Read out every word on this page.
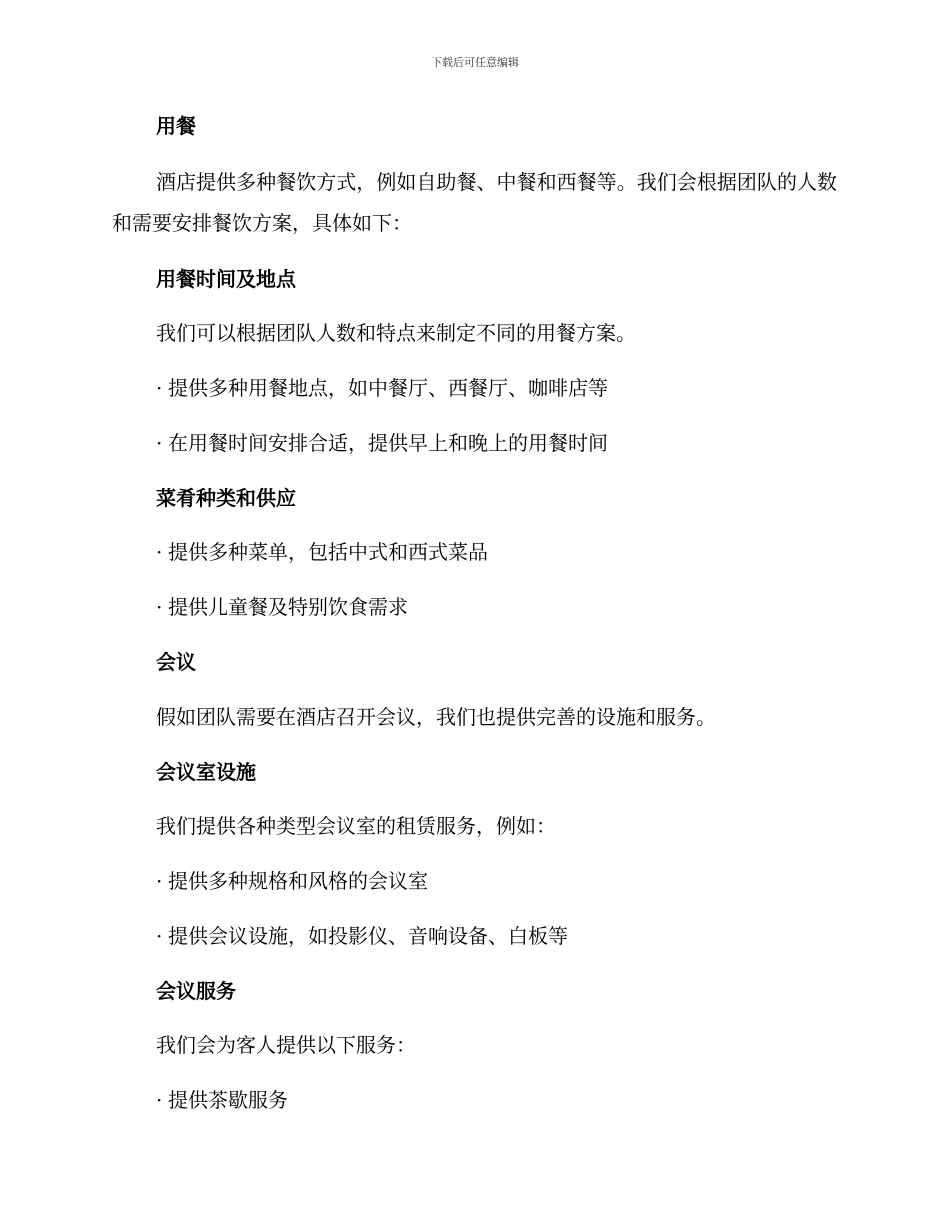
下载后可任意编辑
用餐
酒店提供多种餐饮方式，例如自助餐、中餐和西餐等。我们会根据团队的人数和需要安排餐饮方案，具体如下：
用餐时间及地点
我们可以根据团队人数和特点来制定不同的用餐方案。
· 提供多种用餐地点，如中餐厅、西餐厅、咖啡店等
· 在用餐时间安排合适，提供早上和晚上的用餐时间
菜肴种类和供应
· 提供多种菜单，包括中式和西式菜品
· 提供儿童餐及特别饮食需求
会议
假如团队需要在酒店召开会议，我们也提供完善的设施和服务。
会议室设施
我们提供各种类型会议室的租赁服务，例如：
· 提供多种规格和风格的会议室
· 提供会议设施，如投影仪、音响设备、白板等
会议服务
我们会为客人提供以下服务：
· 提供茶歇服务
